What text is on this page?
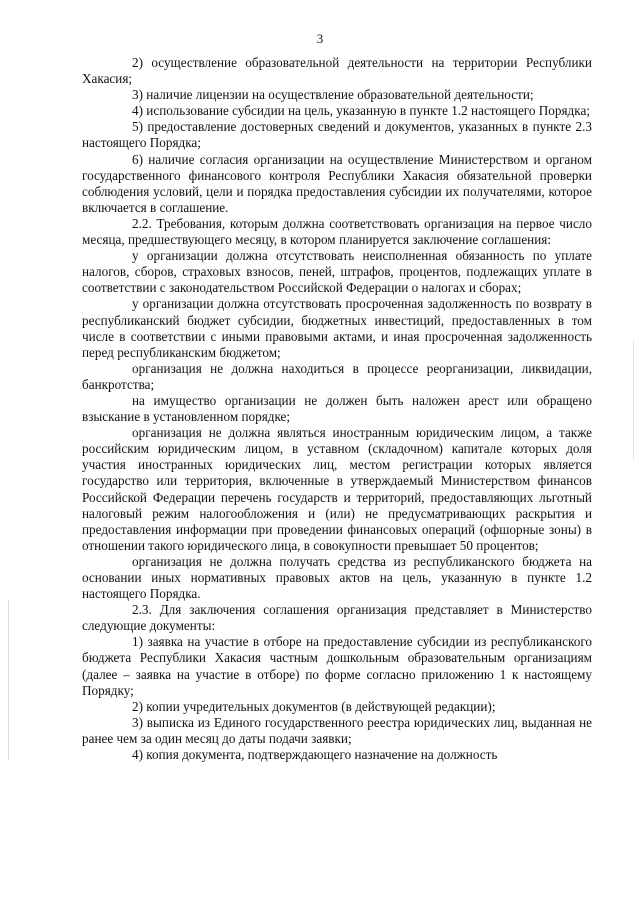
3

2) осуществление образовательной деятельности на территории Республики Хакасия;

3) наличие лицензии на осуществление образовательной деятельности;

4) использование субсидии на цель, указанную в пункте 1.2 настоящего Порядка;

5) предоставление достоверных сведений и документов, указанных в пункте 2.3 настоящего Порядка;

6) наличие согласия организации на осуществление Министерством и органом государственного финансового контроля Республики Хакасия обязательной проверки соблюдения условий, цели и порядка предоставления субсидии их получателями, которое включается в соглашение.

2.2. Требования, которым должна соответствовать организация на первое число месяца, предшествующего месяцу, в котором планируется заключение соглашения:

у организации должна отсутствовать неисполненная обязанность по уплате налогов, сборов, страховых взносов, пеней, штрафов, процентов, подлежащих уплате в соответствии с законодательством Российской Федерации о налогах и сборах;

у организации должна отсутствовать просроченная задолженность по возврату в республиканский бюджет субсидии, бюджетных инвестиций, предоставленных в том числе в соответствии с иными правовыми актами, и иная просроченная задолженность перед республиканским бюджетом;

организация не должна находиться в процессе реорганизации, ликвидации, банкротства;

на имущество организации не должен быть наложен арест или обращено взыскание в установленном порядке;

организация не должна являться иностранным юридическим лицом, а также российским юридическим лицом, в уставном (складочном) капитале которых доля участия иностранных юридических лиц, местом регистрации которых является государство или территория, включенные в утверждаемый Министерством финансов Российской Федерации перечень государств и территорий, предоставляющих льготный налоговый режим налогообложения и (или) не предусматривающих раскрытия и предоставления информации при проведении финансовых операций (офшорные зоны) в отношении такого юридического лица, в совокупности превышает 50 процентов;

организация не должна получать средства из республиканского бюджета на основании иных нормативных правовых актов на цель, указанную в пункте 1.2 настоящего Порядка.

2.3. Для заключения соглашения организация представляет в Министерство следующие документы:

1) заявка на участие в отборе на предоставление субсидии из республиканского бюджета Республики Хакасия частным дошкольным образовательным организациям (далее – заявка на участие в отборе) по форме согласно приложению 1 к настоящему Порядку;

2) копии учредительных документов (в действующей редакции);

3) выписка из Единого государственного реестра юридических лиц, выданная не ранее чем за один месяц до даты подачи заявки;

4) копия документа, подтверждающего назначение на должность
